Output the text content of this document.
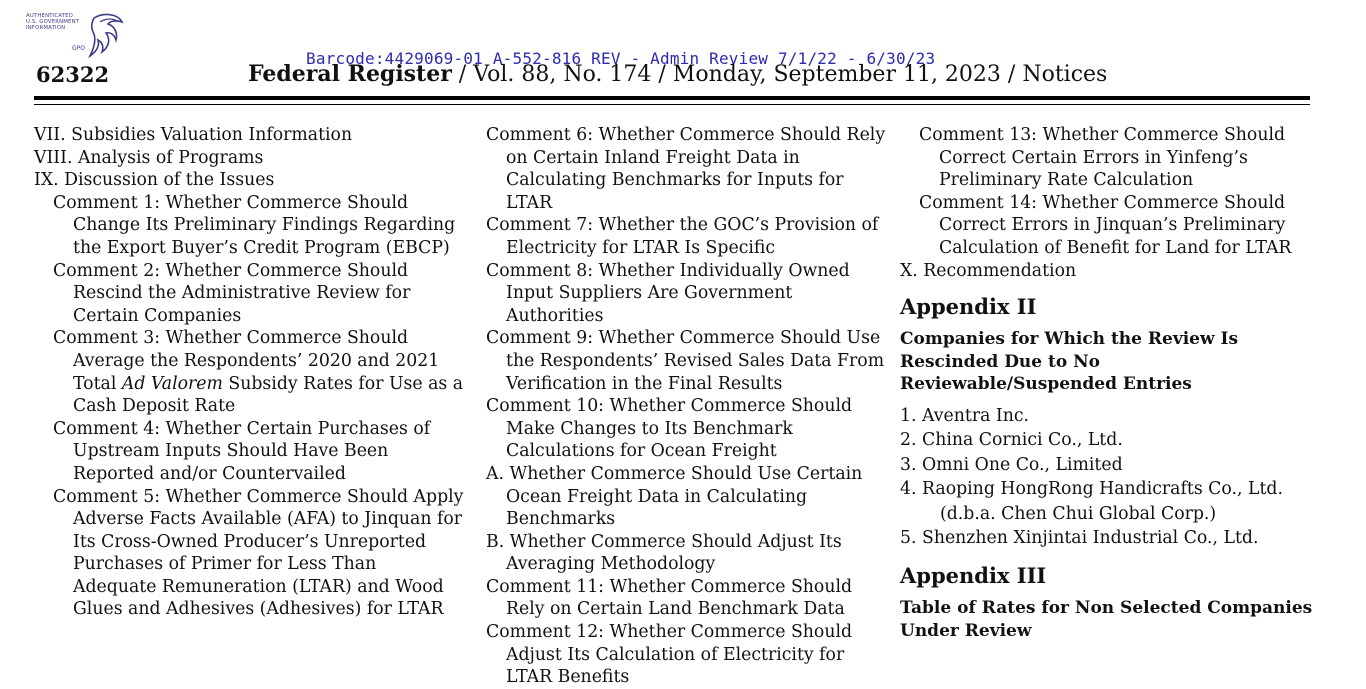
AUTHENTICATED
U.S. GOVERNMENT
INFORMATION
GPO
Barcode:4429069-01 A-552-816 REV - Admin Review 7/1/22 - 6/30/23
62322	Federal Register / Vol. 88, No. 174 / Monday, September 11, 2023 / Notices
VII. Subsidies Valuation Information
VIII. Analysis of Programs
IX. Discussion of the Issues
Comment 1: Whether Commerce Should Change Its Preliminary Findings Regarding the Export Buyer’s Credit Program (EBCP)
Comment 2: Whether Commerce Should Rescind the Administrative Review for Certain Companies
Comment 3: Whether Commerce Should Average the Respondents’ 2020 and 2021 Total Ad Valorem Subsidy Rates for Use as a Cash Deposit Rate
Comment 4: Whether Certain Purchases of Upstream Inputs Should Have Been Reported and/or Countervailed
Comment 5: Whether Commerce Should Apply Adverse Facts Available (AFA) to Jinquan for Its Cross-Owned Producer’s Unreported Purchases of Primer for Less Than Adequate Remuneration (LTAR) and Wood Glues and Adhesives (Adhesives) for LTAR
Comment 6: Whether Commerce Should Rely on Certain Inland Freight Data in Calculating Benchmarks for Inputs for LTAR
Comment 7: Whether the GOC’s Provision of Electricity for LTAR Is Specific
Comment 8: Whether Individually Owned Input Suppliers Are Government Authorities
Comment 9: Whether Commerce Should Use the Respondents’ Revised Sales Data From Verification in the Final Results
Comment 10: Whether Commerce Should Make Changes to Its Benchmark Calculations for Ocean Freight
A. Whether Commerce Should Use Certain Ocean Freight Data in Calculating Benchmarks
B. Whether Commerce Should Adjust Its Averaging Methodology
Comment 11: Whether Commerce Should Rely on Certain Land Benchmark Data
Comment 12: Whether Commerce Should Adjust Its Calculation of Electricity for LTAR Benefits
Comment 13: Whether Commerce Should Correct Certain Errors in Yinfeng’s Preliminary Rate Calculation
Comment 14: Whether Commerce Should Correct Errors in Jinquan’s Preliminary Calculation of Benefit for Land for LTAR
X. Recommendation
Appendix II
Companies for Which the Review Is Rescinded Due to No Reviewable/Suspended Entries
1. Aventra Inc.
2. China Cornici Co., Ltd.
3. Omni One Co., Limited
4. Raoping HongRong Handicrafts Co., Ltd. (d.b.a. Chen Chui Global Corp.)
5. Shenzhen Xinjintai Industrial Co., Ltd.
Appendix III
Table of Rates for Non Selected Companies Under Review
